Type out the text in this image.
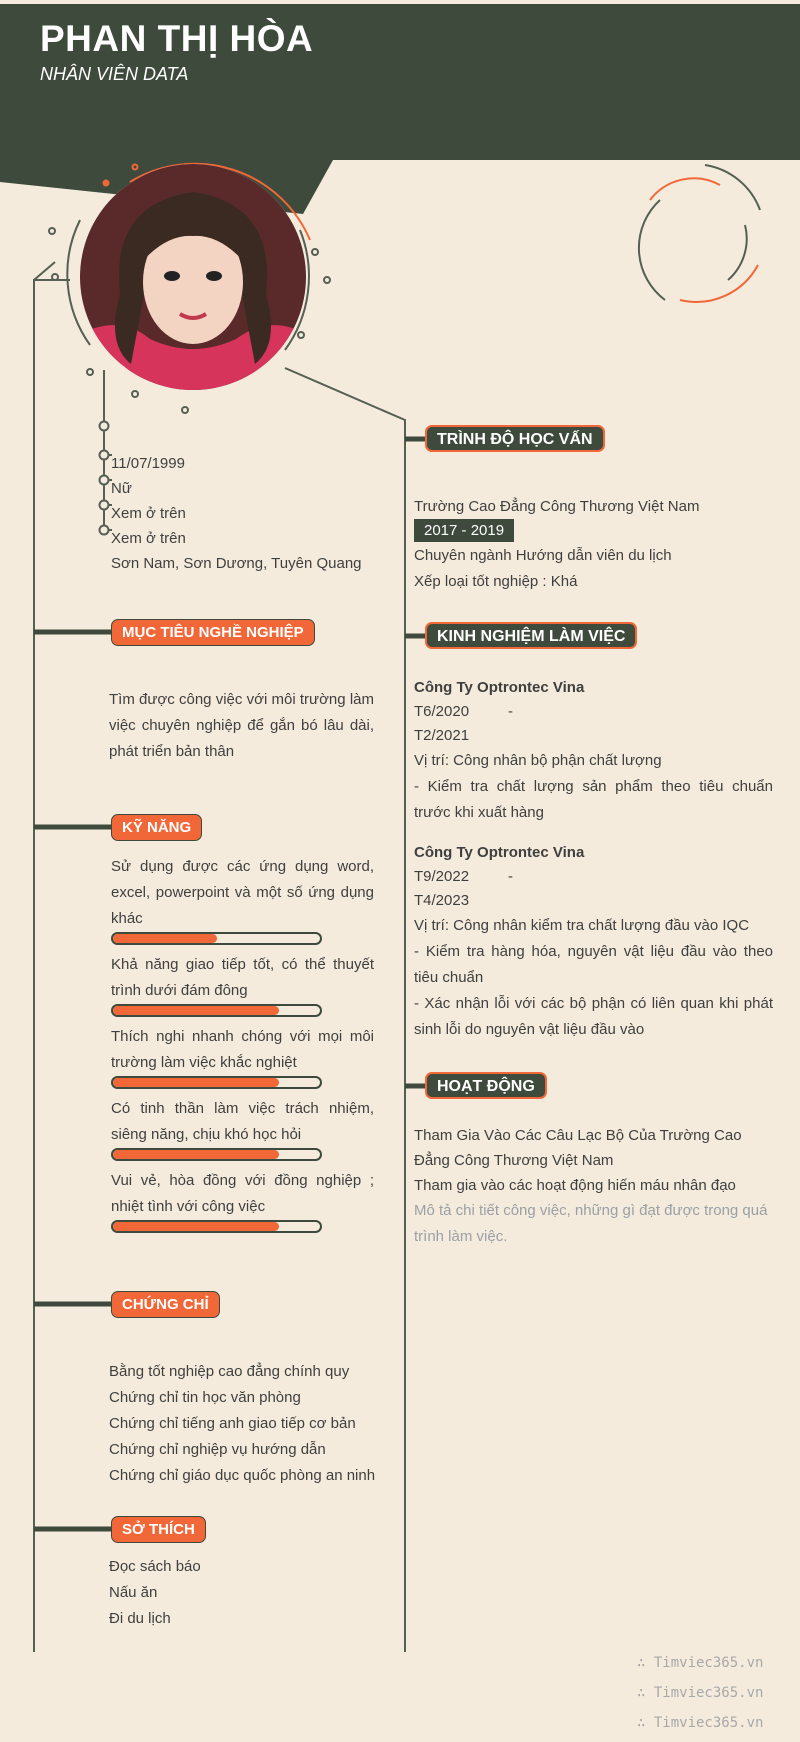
PHAN THỊ HÒA
NHÂN VIÊN DATA
11/07/1999
Nữ
Xem ở trên
Xem ở trên
Sơn Nam, Sơn Dương, Tuyên Quang
MỤC TIÊU NGHỀ NGHIỆP
Tìm được công việc với môi trường làm việc chuyên nghiệp để gắn bó lâu dài, phát triển bản thân
KỸ NĂNG
Sử dụng được các ứng dụng word, excel, powerpoint và một số ứng dụng khác
Khả năng giao tiếp tốt, có thể thuyết trình dưới đám đông
Thích nghi nhanh chóng với mọi môi trường làm việc khắc nghiệt
Có tinh thần làm việc trách nhiệm, siêng năng, chịu khó học hỏi
Vui vẻ, hòa đồng với đồng nghiệp ; nhiệt tình với công việc
CHỨNG CHỈ
Bằng tốt nghiệp cao đẳng chính quy
Chứng chỉ tin học văn phòng
Chứng chỉ tiếng anh giao tiếp cơ bản
Chứng chỉ nghiệp vụ hướng dẫn
Chứng chỉ giáo dục quốc phòng an ninh
SỞ THÍCH
Đọc sách báo
Nấu ăn
Đi du lịch
TRÌNH ĐỘ HỌC VẤN
Trường Cao Đẳng Công Thương Việt Nam
2017 - 2019
Chuyên ngành Hướng dẫn viên du lịch
Xếp loại tốt nghiệp : Khá
KINH NGHIỆM LÀM VIỆC
Công Ty Optrontec Vina
T6/2020	-
T2/2021
Vị trí: Công nhân bộ phận chất lượng
- Kiểm tra chất lượng sản phẩm theo tiêu chuẩn trước khi xuất hàng
Công Ty Optrontec Vina
T9/2022	-
T4/2023
Vị trí: Công nhân kiểm tra chất lượng đầu vào IQC
- Kiểm tra hàng hóa, nguyên vật liệu đầu vào theo tiêu chuẩn
- Xác nhận lỗi với các bộ phận có liên quan khi phát sinh lỗi do nguyên vật liệu đầu vào
HOẠT ĐỘNG
Tham Gia Vào Các Câu Lạc Bộ Của Trường Cao Đẳng Công Thương Việt Nam
Tham gia vào các hoạt động hiến máu nhân đạo
Mô tả chi tiết công việc, những gì đạt được trong quá trình làm việc.
∴ Timviec365.vn
∴ Timviec365.vn
∴ Timviec365.vn
